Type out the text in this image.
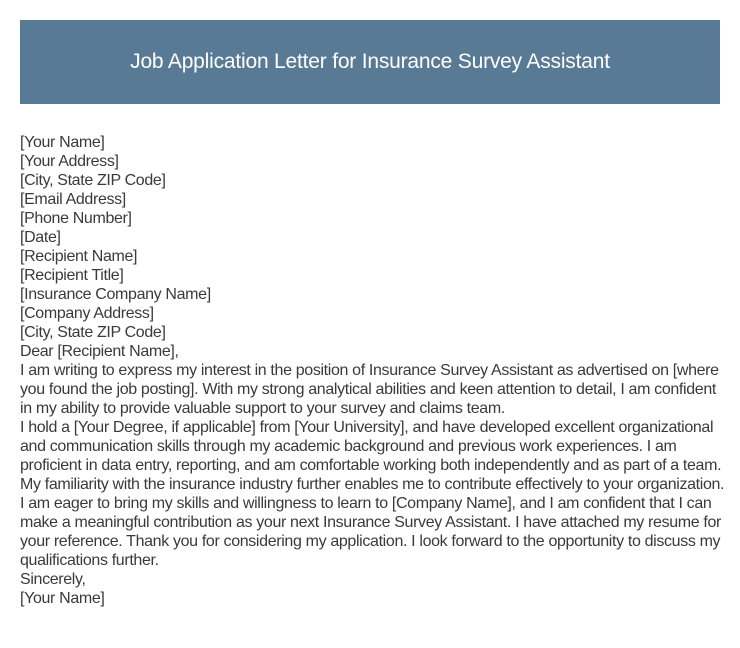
Job Application Letter for Insurance Survey Assistant

[Your Name]

[Your Address]

[City, State ZIP Code]

[Email Address]

[Phone Number]

[Date]

[Recipient Name]

[Recipient Title]

[Insurance Company Name]

[Company Address]

[City, State ZIP Code]

Dear [Recipient Name],

I am writing to express my interest in the position of Insurance Survey Assistant as advertised on [where you found the job posting]. With my strong analytical abilities and keen attention to detail, I am confident in my ability to provide valuable support to your survey and claims team.

I hold a [Your Degree, if applicable] from [Your University], and have developed excellent organizational and communication skills through my academic background and previous work experiences. I am proficient in data entry, reporting, and am comfortable working both independently and as part of a team. My familiarity with the insurance industry further enables me to contribute effectively to your organization.

I am eager to bring my skills and willingness to learn to [Company Name], and I am confident that I can make a meaningful contribution as your next Insurance Survey Assistant. I have attached my resume for your reference. Thank you for considering my application. I look forward to the opportunity to discuss my qualifications further.

Sincerely,

[Your Name]
